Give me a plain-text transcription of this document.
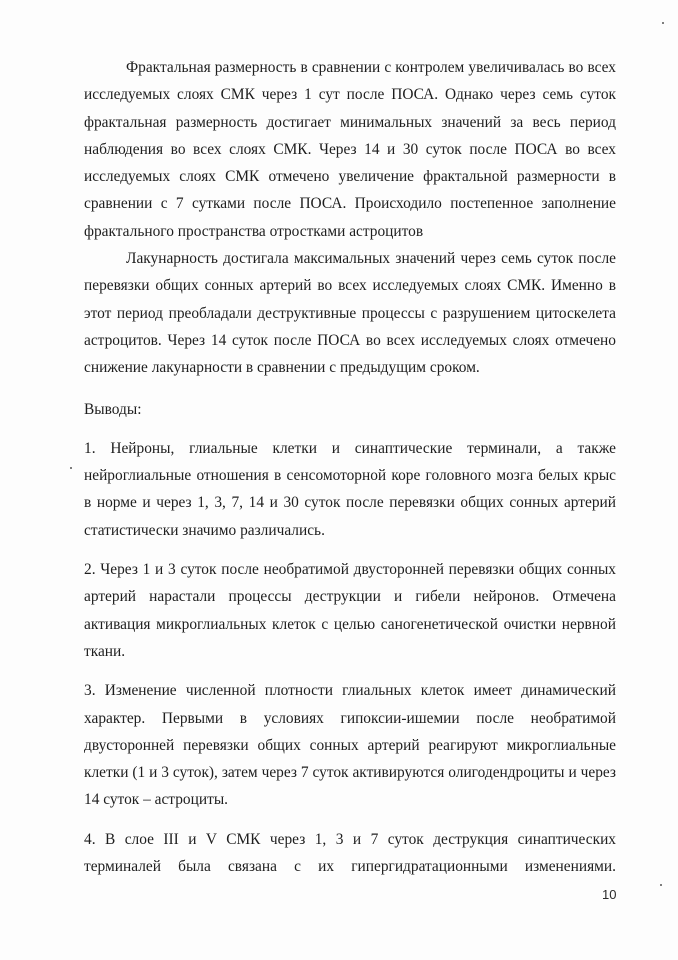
Фрактальная размерность в сравнении с контролем увеличивалась во всех исследуемых слоях СМК через 1 сут после ПОСА. Однако через семь суток фрактальная размерность достигает минимальных значений за весь период наблюдения во всех слоях СМК. Через 14 и 30 суток после ПОСА во всех исследуемых слоях СМК отмечено увеличение фрактальной размерности в сравнении с 7 сутками после ПОСА. Происходило постепенное заполнение фрактального пространства отростками астроцитов

Лакунарность достигала максимальных значений через семь суток после перевязки общих сонных артерий во всех исследуемых слоях СМК. Именно в этот период преобладали деструктивные процессы с разрушением цитоскелета астроцитов. Через 14 суток после ПОСА во всех исследуемых слоях отмечено снижение лакунарности в сравнении с предыдущим сроком.

Выводы:

1. Нейроны, глиальные клетки и синаптические терминали, а также нейроглиальные отношения в сенсомоторной коре головного мозга белых крыс в норме и через 1, 3, 7, 14 и 30 суток после перевязки общих сонных артерий статистически значимо различались.

2. Через 1 и 3 суток после необратимой двусторонней перевязки общих сонных артерий нарастали процессы деструкции и гибели нейронов. Отмечена активация микроглиальных клеток с целью саногенетической очистки нервной ткани.

3. Изменение численной плотности глиальных клеток имеет динамический характер. Первыми в условиях гипоксии-ишемии после необратимой двусторонней перевязки общих сонных артерий реагируют микроглиальные клетки (1 и 3 суток), затем через 7 суток активируются олигодендроциты и через 14 суток – астроциты.

4. В слое III и V СМК через 1, 3 и 7 суток деструкция синаптических терминалей была связана с их гипергидратационными изменениями.

10
